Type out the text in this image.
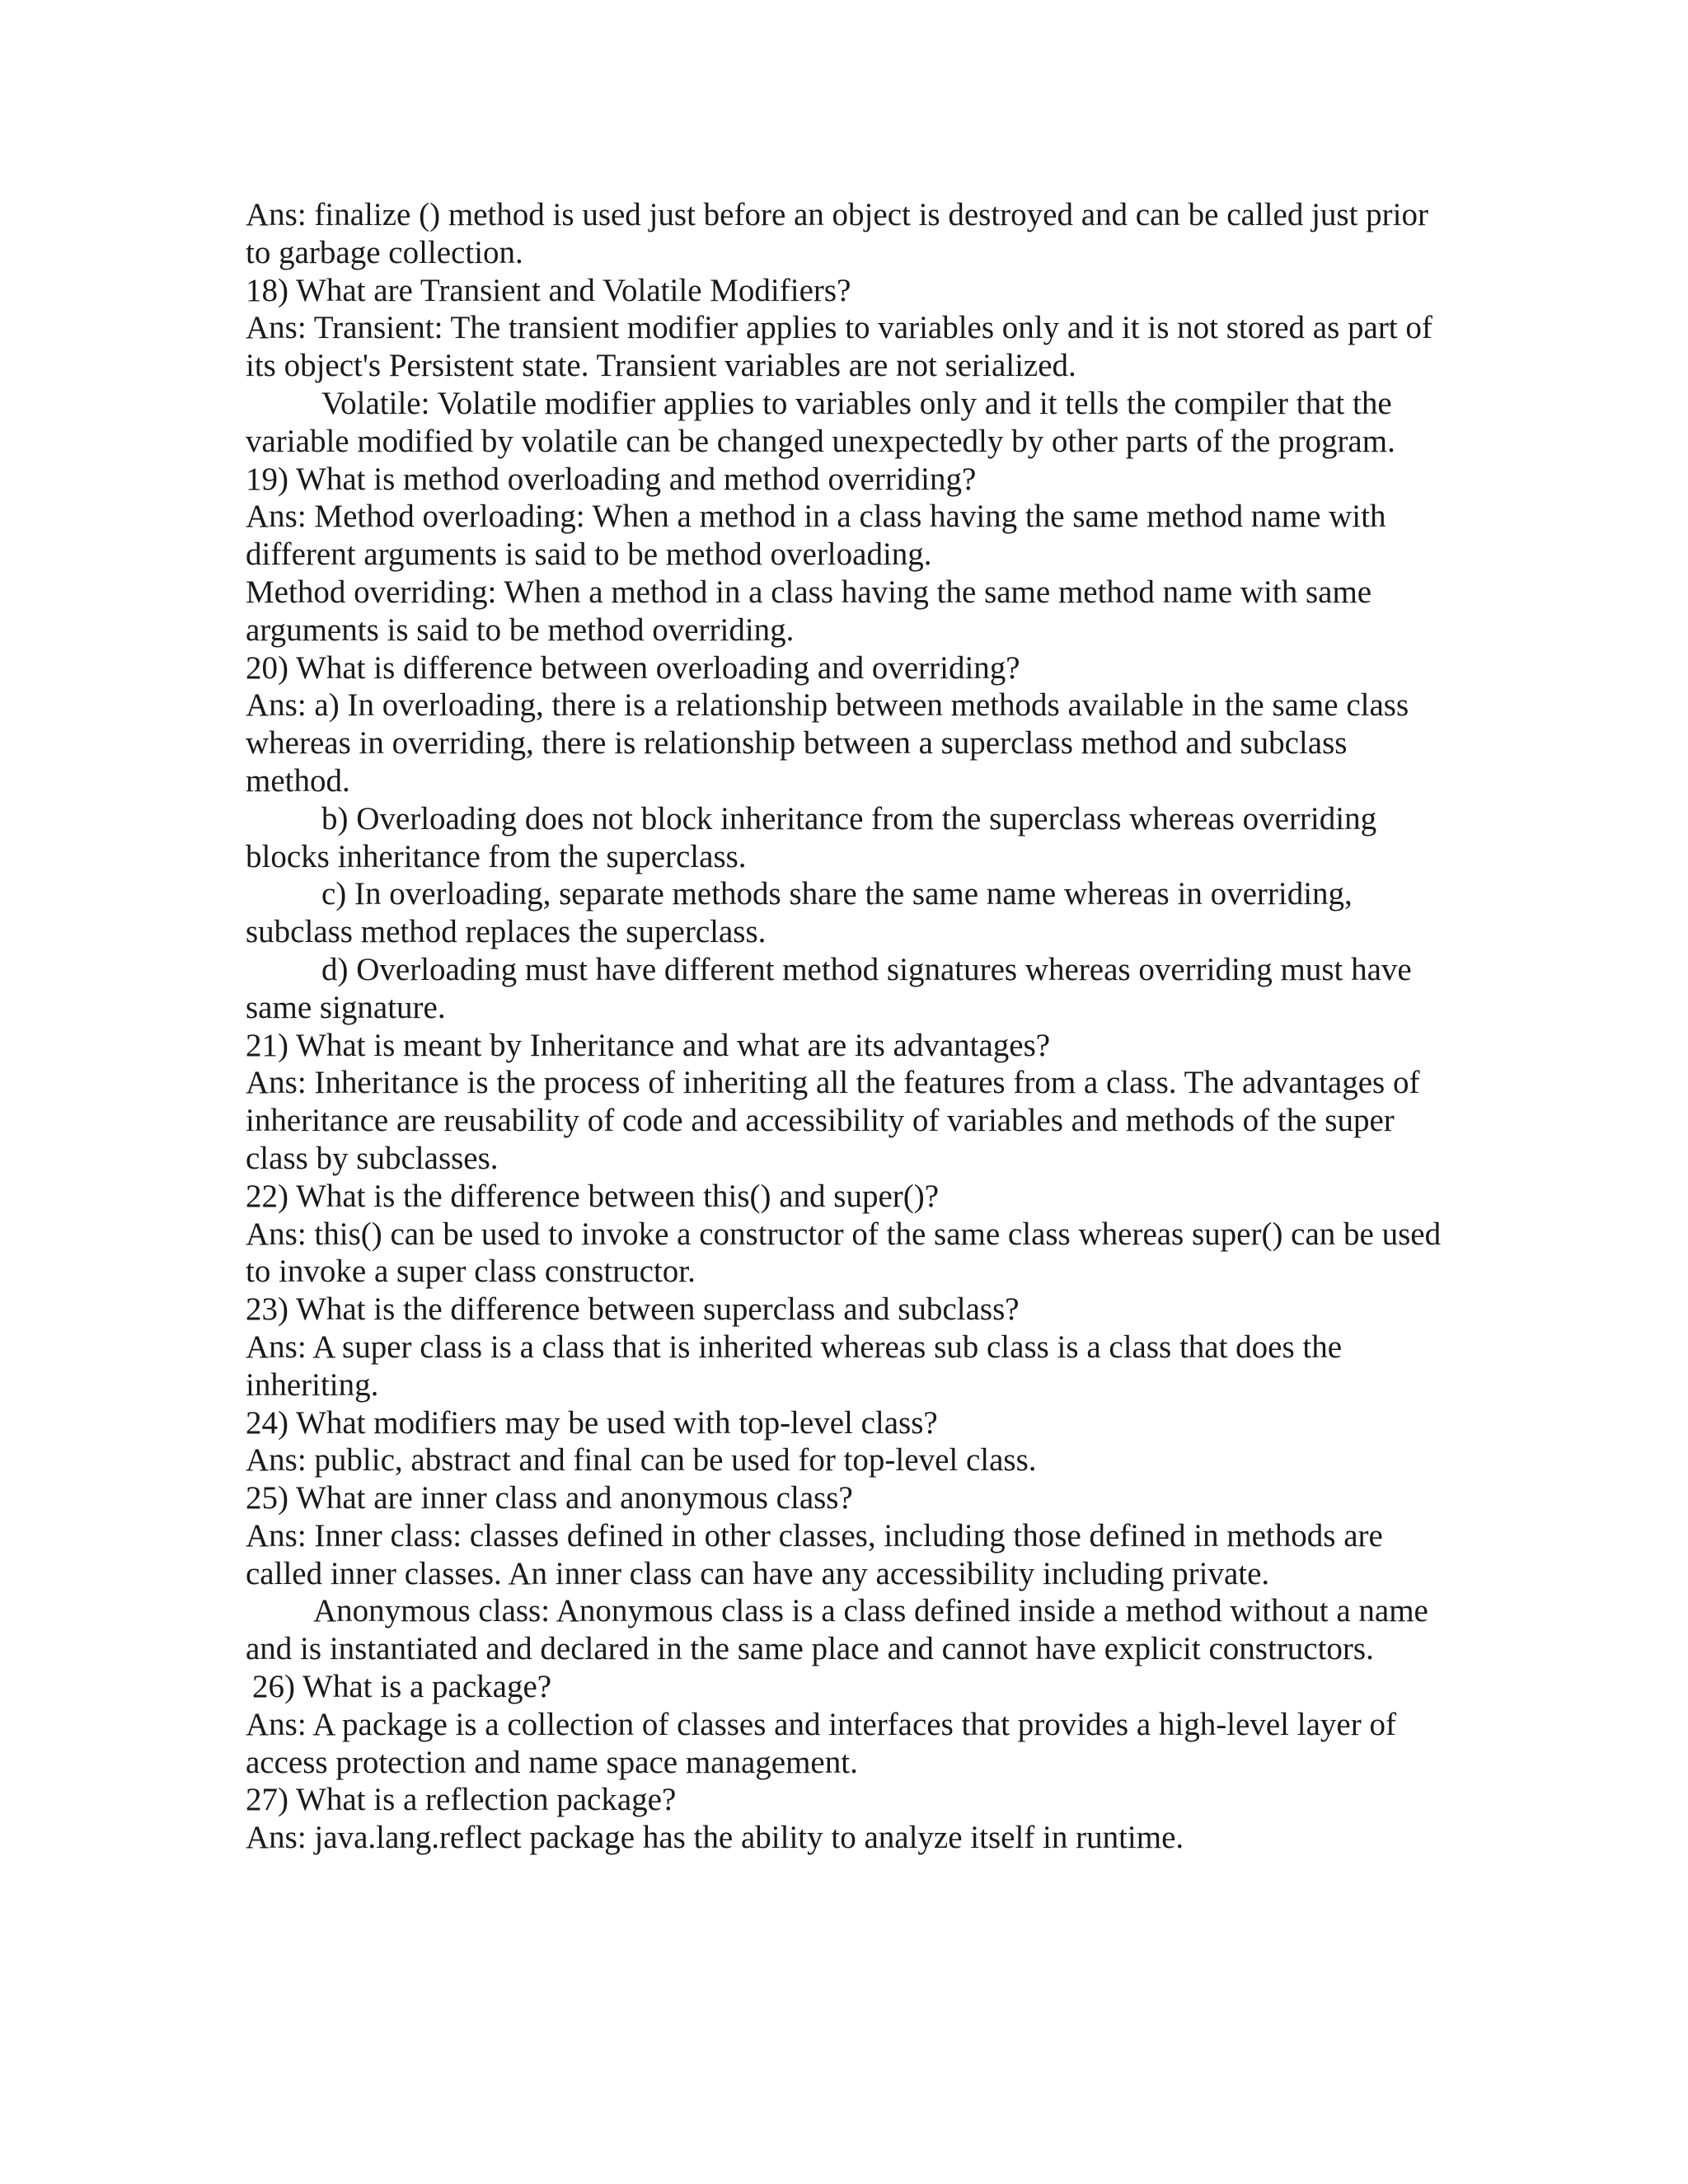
Ans: finalize () method is used just before an object is destroyed and can be called just prior to garbage collection.

18) What are Transient and Volatile Modifiers?

Ans: Transient: The transient modifier applies to variables only and it is not stored as part of its object's Persistent state. Transient variables are not serialized.

Volatile: Volatile modifier applies to variables only and it tells the compiler that the variable modified by volatile can be changed unexpectedly by other parts of the program.

19) What is method overloading and method overriding?

Ans: Method overloading: When a method in a class having the same method name with different arguments is said to be method overloading.

Method overriding: When a method in a class having the same method name with same arguments is said to be method overriding.

20) What is difference between overloading and overriding?

Ans: a) In overloading, there is a relationship between methods available in the same class whereas in overriding, there is relationship between a superclass method and subclass method.

b) Overloading does not block inheritance from the superclass whereas overriding blocks inheritance from the superclass.

c) In overloading, separate methods share the same name whereas in overriding, subclass method replaces the superclass.

d) Overloading must have different method signatures whereas overriding must have same signature.

21) What is meant by Inheritance and what are its advantages?

Ans: Inheritance is the process of inheriting all the features from a class. The advantages of inheritance are reusability of code and accessibility of variables and methods of the super class by subclasses.

22) What is the difference between this() and super()?

Ans: this() can be used to invoke a constructor of the same class whereas super() can be used to invoke a super class constructor.

23) What is the difference between superclass and subclass?

Ans: A super class is a class that is inherited whereas sub class is a class that does the inheriting.

24) What modifiers may be used with top-level class?

Ans: public, abstract and final can be used for top-level class.

25) What are inner class and anonymous class?

Ans: Inner class: classes defined in other classes, including those defined in methods are called inner classes. An inner class can have any accessibility including private.

Anonymous class: Anonymous class is a class defined inside a method without a name and is instantiated and declared in the same place and cannot have explicit constructors.

26) What is a package?

Ans: A package is a collection of classes and interfaces that provides a high-level layer of access protection and name space management.

27) What is a reflection package?

Ans: java.lang.reflect package has the ability to analyze itself in runtime.
